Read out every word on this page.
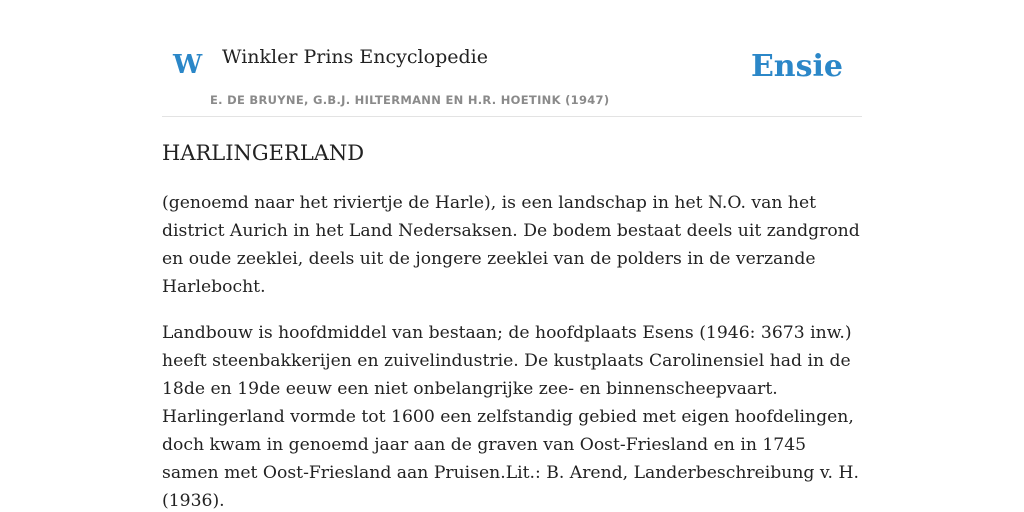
W Winkler Prins Encyclopedie
E. DE BRUYNE, G.B.J. HILTERMANN EN H.R. HOETINK (1947)
Ensie
HARLINGERLAND

(genoemd naar het riviertje de Harle), is een landschap in het N.O. van het district Aurich in het Land Nedersaksen. De bodem bestaat deels uit zandgrond en oude zeeklei, deels uit de jongere zeeklei van de polders in de verzande Harlebocht.

Landbouw is hoofdmiddel van bestaan; de hoofdplaats Esens (1946: 3673 inw.) heeft steenbakkerijen en zuivelindustrie. De kustplaats Carolinensiel had in de 18de en 19de eeuw een niet onbelangrijke zee- en binnenscheepvaart. Harlingerland vormde tot 1600 een zelfstandig gebied met eigen hoofdelingen, doch kwam in genoemd jaar aan de graven van Oost-Friesland en in 1745 samen met Oost-Friesland aan Pruisen.Lit.: B. Arend, Landerbeschreibung v. H. (1936).
